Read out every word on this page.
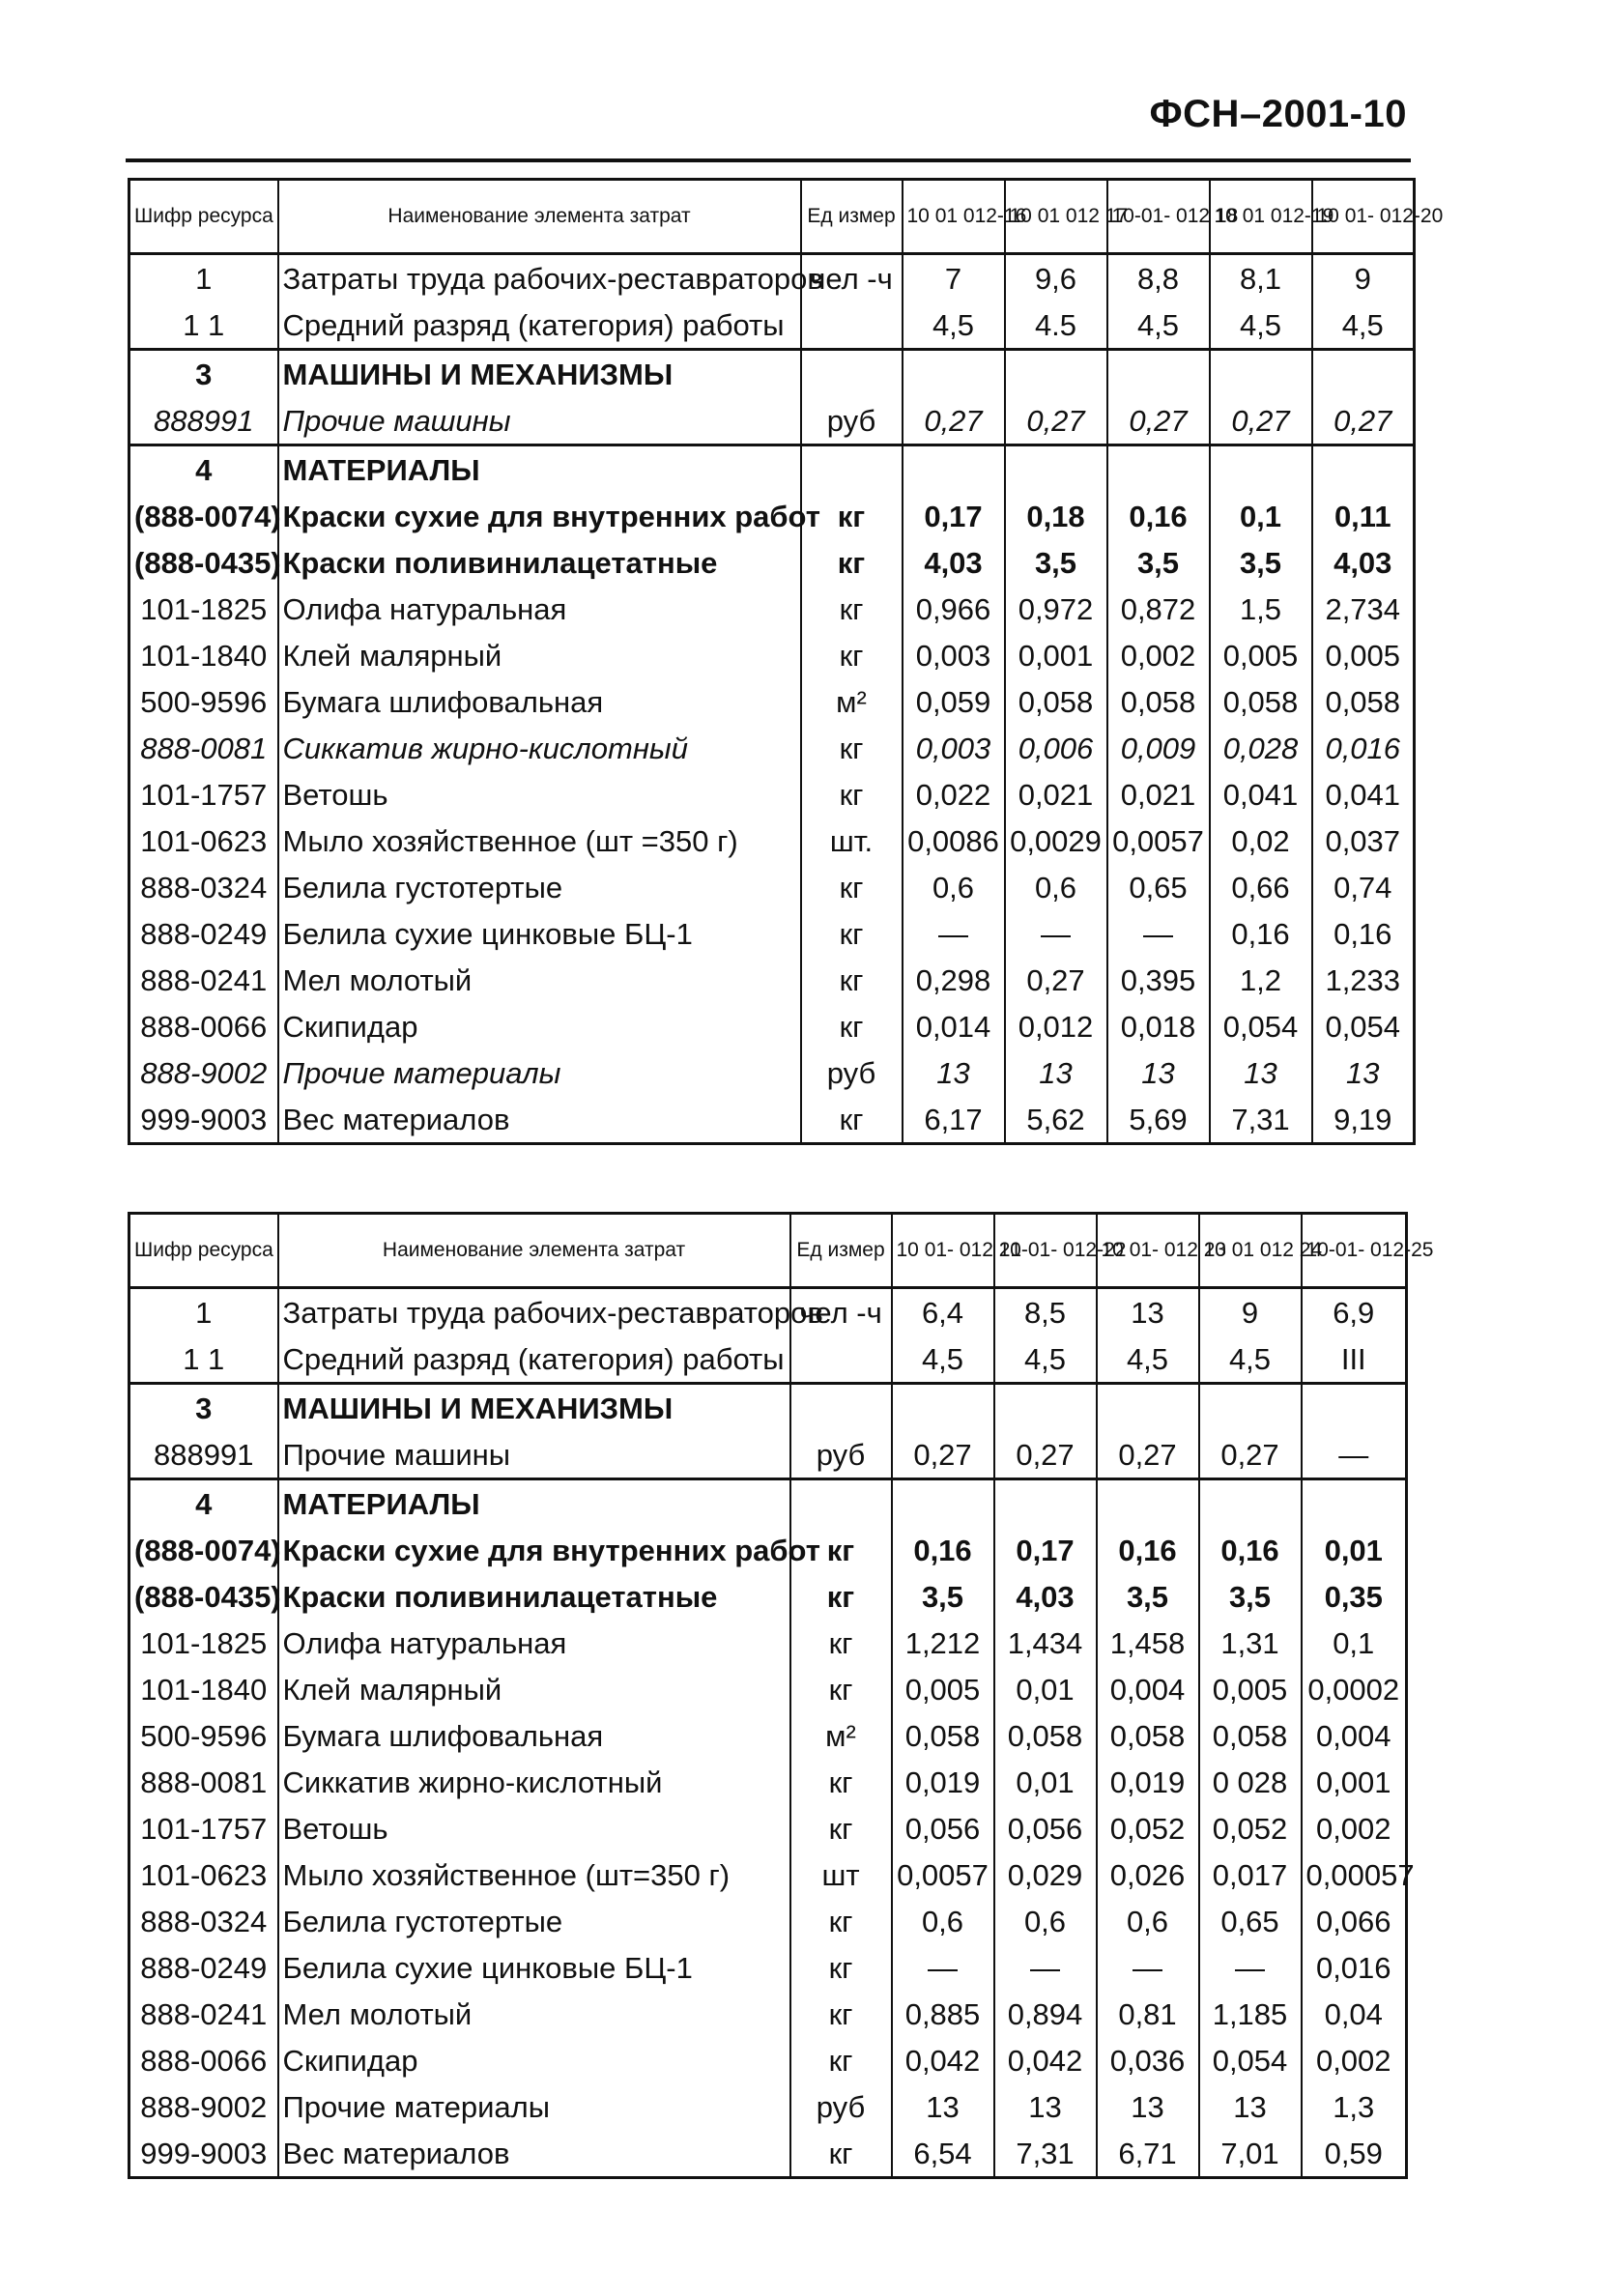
ФСН–2001-10
Шифр ресурса	Наименование элемента затрат	Ед измер	10 01 012-16	10 01 012 17	10-01- 012 18	10 01 012-19	10 01- 012-20
1	Затраты труда рабочих-реставраторов	чел -ч	7	9,6	8,8	8,1	9
1 1	Средний разряд (категория) работы		4,5	4.5	4,5	4,5	4,5
3	МАШИНЫ И МЕХАНИЗМЫ						
888991	Прочие машины	руб	0,27	0,27	0,27	0,27	0,27
4	МАТЕРИАЛЫ						
(888-0074)	Краски сухие для внутренних работ	кг	0,17	0,18	0,16	0,1	0,11
(888-0435)	Краски поливинилацетатные	кг	4,03	3,5	3,5	3,5	4,03
101-1825	Олифа натуральная	кг	0,966	0,972	0,872	1,5	2,734
101-1840	Клей малярный	кг	0,003	0,001	0,002	0,005	0,005
500-9596	Бумага шлифовальная	м²	0,059	0,058	0,058	0,058	0,058
888-0081	Сиккатив жирно-кислотный	кг	0,003	0,006	0,009	0,028	0,016
101-1757	Ветошь	кг	0,022	0,021	0,021	0,041	0,041
101-0623	Мыло хозяйственное (шт =350 г)	шт.	0,0086	0,0029	0,0057	0,02	0,037
888-0324	Белила густотертые	кг	0,6	0,6	0,65	0,66	0,74
888-0249	Белила сухие цинковые БЦ-1	кг	—	—	—	0,16	0,16
888-0241	Мел молотый	кг	0,298	0,27	0,395	1,2	1,233
888-0066	Скипидар	кг	0,014	0,012	0,018	0,054	0,054
888-9002	Прочие материалы	руб	13	13	13	13	13
999-9003	Вес материалов	кг	6,17	5,62	5,69	7,31	9,19
Шифр ресурса	Наименование элемента затрат	Ед измер	10 01- 012 21	10-01- 012-22	10 01- 012 23	10 01 012 24	10-01- 012-25
1	Затраты труда рабочих-реставраторов	чел -ч	6,4	8,5	13	9	6,9
1 1	Средний разряд (категория) работы		4,5	4,5	4,5	4,5	III
3	МАШИНЫ И МЕХАНИЗМЫ						
888991	Прочие машины	руб	0,27	0,27	0,27	0,27	—
4	МАТЕРИАЛЫ						
(888-0074)	Краски сухие для внутренних работ	кг	0,16	0,17	0,16	0,16	0,01
(888-0435)	Краски поливинилацетатные	кг	3,5	4,03	3,5	3,5	0,35
101-1825	Олифа натуральная	кг	1,212	1,434	1,458	1,31	0,1
101-1840	Клей малярный	кг	0,005	0,01	0,004	0,005	0,0002
500-9596	Бумага шлифовальная	м²	0,058	0,058	0,058	0,058	0,004
888-0081	Сиккатив жирно-кислотный	кг	0,019	0,01	0,019	0 028	0,001
101-1757	Ветошь	кг	0,056	0,056	0,052	0,052	0,002
101-0623	Мыло хозяйственное (шт=350 г)	шт	0,0057	0,029	0,026	0,017	0,00057
888-0324	Белила густотертые	кг	0,6	0,6	0,6	0,65	0,066
888-0249	Белила сухие цинковые БЦ-1	кг	—	—	—	—	0,016
888-0241	Мел молотый	кг	0,885	0,894	0,81	1,185	0,04
888-0066	Скипидар	кг	0,042	0,042	0,036	0,054	0,002
888-9002	Прочие материалы	руб	13	13	13	13	1,3
999-9003	Вес материалов	кг	6,54	7,31	6,71	7,01	0,59
